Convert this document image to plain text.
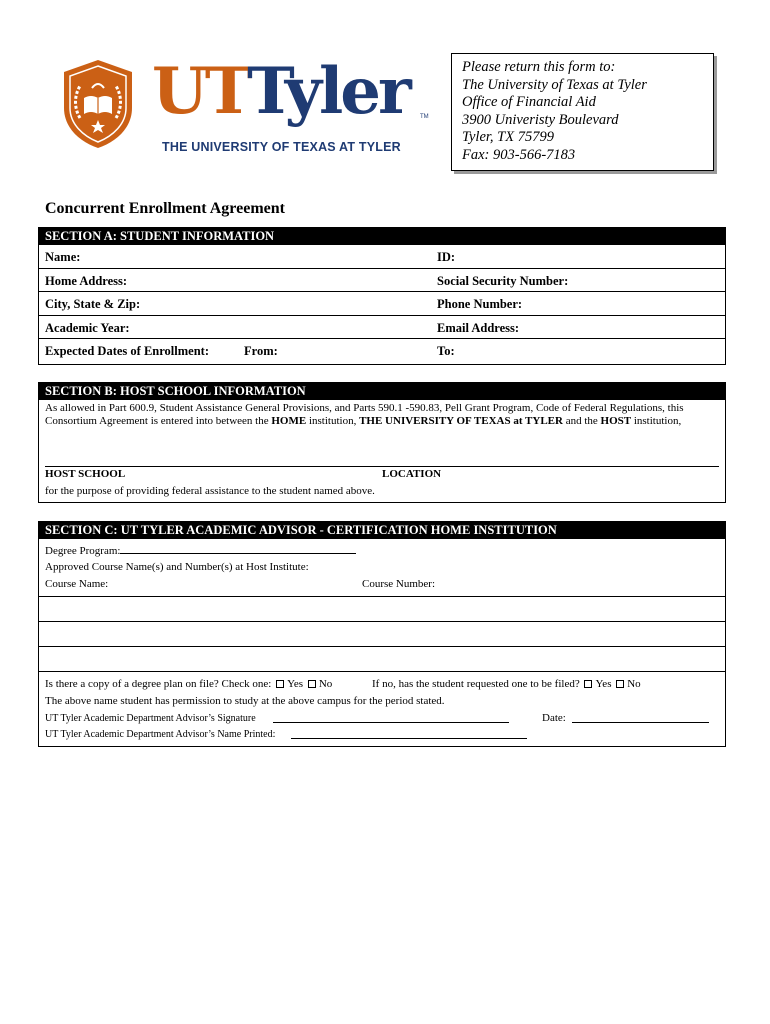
UTTyler TM
THE UNIVERSITY OF TEXAS AT TYLER
Please return this form to:
The University of Texas at Tyler
Office of Financial Aid
3900 Univeristy Boulevard
Tyler, TX 75799
Fax: 903-566-7183
Concurrent Enrollment Agreement
SECTION A: STUDENT INFORMATION
Name:	ID:
Home Address:	Social Security Number:
City, State & Zip:	Phone Number:
Academic Year:	Email Address:
Expected Dates of Enrollment:	From:	To:
SECTION B: HOST SCHOOL INFORMATION
As allowed in Part 600.9, Student Assistance General Provisions, and Parts 590.1 -590.83, Pell Grant Program, Code of Federal Regulations, this
Consortium Agreement is entered into between the HOME institution, THE UNIVERSITY OF TEXAS at TYLER and the HOST institution,
HOST SCHOOL	LOCATION
for the purpose of providing federal assistance to the student named above.
SECTION C: UT TYLER ACADEMIC ADVISOR - CERTIFICATION HOME INSTITUTION
Degree Program:
Approved Course Name(s) and Number(s) at Host Institute:
Course Name:	Course Number:
Is there a copy of a degree plan on file? Check one: Yes No	If no, has the student requested one to be filed? Yes No
The above name student has permission to study at the above campus for the period stated.
UT Tyler Academic Department Advisor’s Signature	Date:
UT Tyler Academic Department Advisor’s Name Printed:
